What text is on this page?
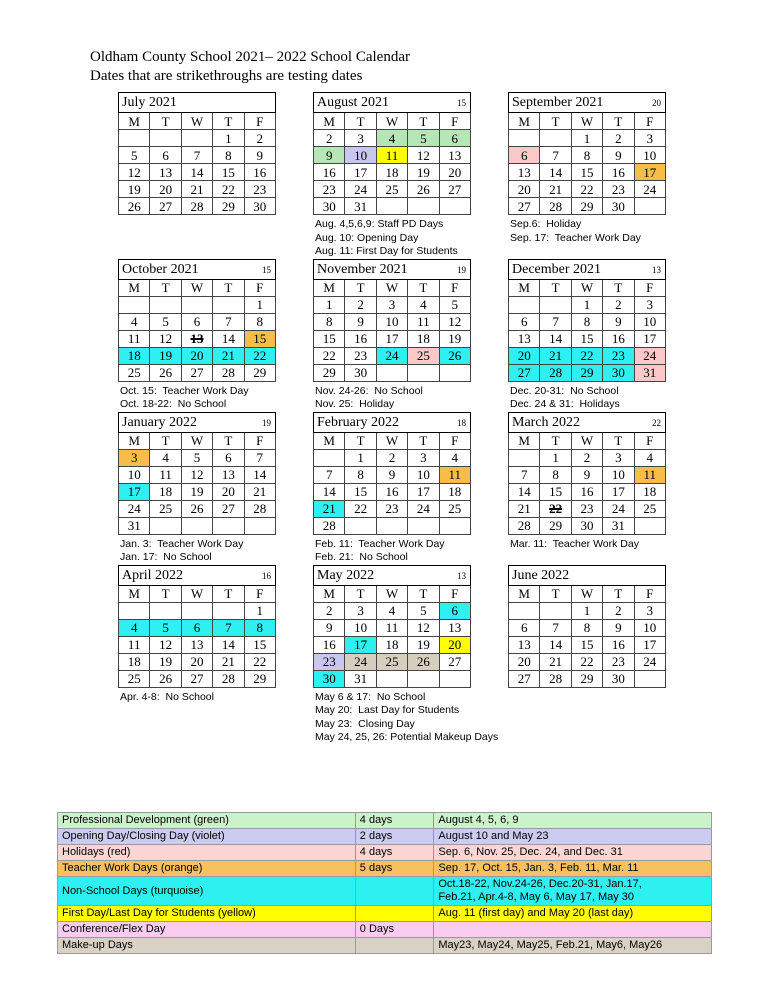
Oldham County School 2021– 2022 School Calendar
Dates that are strikethroughs are testing dates
July 2021				
M	T	W	T	F
			1	2
5	6	7	8	9
12	13	14	15	16
19	20	21	22	23
26	27	28	29	30
August 2021 15				

M	T	W	T	F
2	3	4	5	6
9	10	11	12	13
16	17	18	19	20
23	24	25	26	27
30	31			
Aug. 4,5,6,9: Staff PD Days
Aug. 10: Opening Day
Aug. 11: First Day for Students
September 2021 20				

M	T	W	T	F
		1	2	3
6	7	8	9	10
13	14	15	16	17
20	21	22	23	24
27	28	29	30	
Sep.6:  Holiday
Sep. 17:  Teacher Work Day
October 2021 15				

M	T	W	T	F
				1
4	5	6	7	8
11	12	13	14	15
18	19	20	21	22
25	26	27	28	29
Oct. 15:  Teacher Work Day
Oct. 18-22:  No School
November 2021 19				

M	T	W	T	F
1	2	3	4	5
8	9	10	11	12
15	16	17	18	19
22	23	24	25	26
29	30			
Nov. 24-26:  No School
Nov. 25:  Holiday
December 2021 13				

M	T	W	T	F
		1	2	3
6	7	8	9	10
13	14	15	16	17
20	21	22	23	24
27	28	29	30	31
Dec. 20-31:  No School
Dec. 24 & 31:  Holidays
January 2022 19				

M	T	W	T	F
3	4	5	6	7
10	11	12	13	14
17	18	19	20	21
24	25	26	27	28
31				
Jan. 3:  Teacher Work Day
Jan. 17:  No School
February 2022 18				

M	T	W	T	F
	1	2	3	4
7	8	9	10	11
14	15	16	17	18
21	22	23	24	25
28				
Feb. 11:  Teacher Work Day
Feb. 21:  No School
March 2022 22				

M	T	W	T	F
	1	2	3	4
7	8	9	10	11
14	15	16	17	18
21	22	23	24	25
28	29	30	31	
Mar. 11:  Teacher Work Day
April 2022 16				

M	T	W	T	F
				1
4	5	6	7	8
11	12	13	14	15
18	19	20	21	22
25	26	27	28	29
Apr. 4-8:  No School
May 2022 13				

M	T	W	T	F
2	3	4	5	6
9	10	11	12	13
16	17	18	19	20
23	24	25	26	27
30	31			
May 6 & 17:  No School
May 20:  Last Day for Students
May 23:  Closing Day
May 24, 25, 26: Potential Makeup Days
June 2022				
M	T	W	T	F
		1	2	3
6	7	8	9	10
13	14	15	16	17
20	21	22	23	24
27	28	29	30	
Professional Development (green)	4 days	August 4, 5, 6, 9
Opening Day/Closing Day (violet)	2 days	August 10 and May 23
Holidays (red)	4 days	Sep. 6, Nov. 25, Dec. 24, and Dec. 31
Teacher Work Days (orange)	5 days	Sep. 17, Oct. 15, Jan. 3, Feb. 11, Mar. 11
Non-School Days (turquoise)		Oct.18-22, Nov.24-26, Dec.20-31, Jan.17,
Feb.21, Apr.4-8, May 6, May 17, May 30
First Day/Last Day for Students (yellow)		Aug. 11 (first day) and May 20 (last day)
Conference/Flex Day	0 Days	
Make-up Days		May23, May24, May25, Feb.21, May6, May26
